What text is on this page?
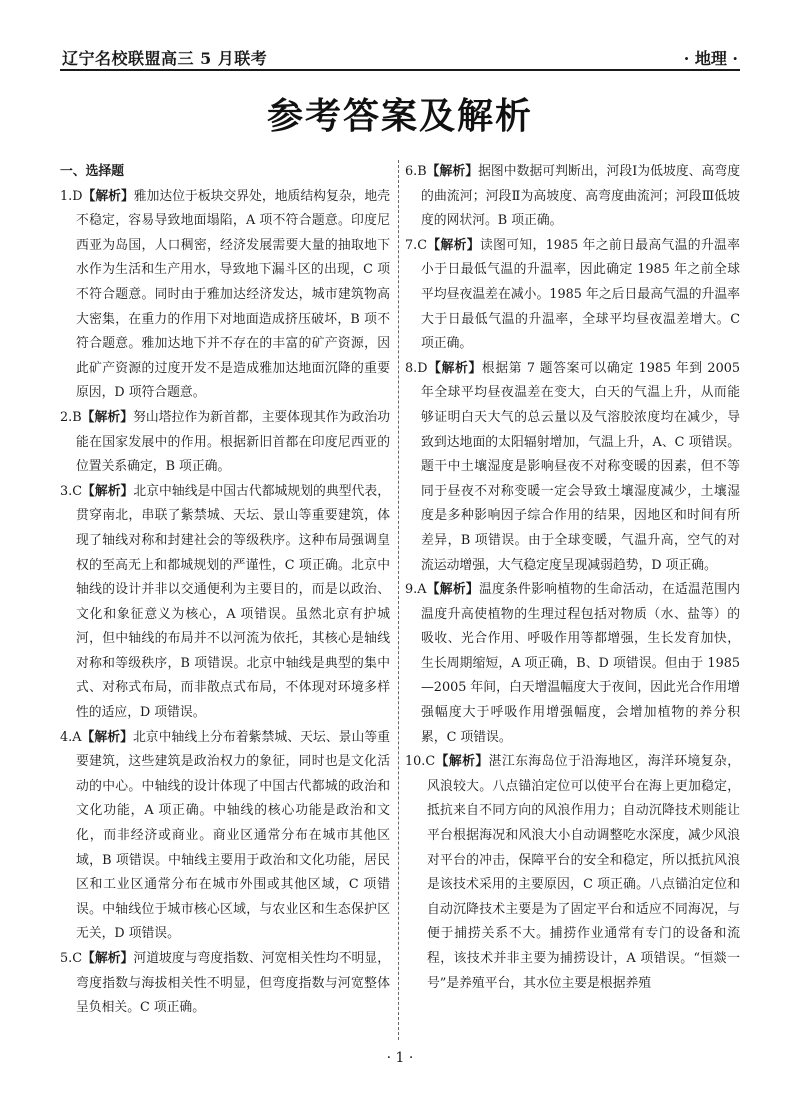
辽宁名校联盟高三 5 月联考	· 地理 ·
参考答案及解析
一、选择题
1.D【解析】雅加达位于板块交界处，地质结构复杂，地壳不稳定，容易导致地面塌陷，A 项不符合题意。印度尼西亚为岛国，人口稠密，经济发展需要大量的抽取地下水作为生活和生产用水，导致地下漏斗区的出现，C 项不符合题意。同时由于雅加达经济发达，城市建筑物高大密集，在重力的作用下对地面造成挤压破坏，B 项不符合题意。雅加达地下并不存在的丰富的矿产资源，因此矿产资源的过度开发不是造成雅加达地面沉降的重要原因，D 项符合题意。
2.B【解析】努山塔拉作为新首都，主要体现其作为政治功能在国家发展中的作用。根据新旧首都在印度尼西亚的位置关系确定，B 项正确。
3.C【解析】北京中轴线是中国古代都城规划的典型代表，贯穿南北，串联了紫禁城、天坛、景山等重要建筑，体现了轴线对称和封建社会的等级秩序。这种布局强调皇权的至高无上和都城规划的严谨性，C 项正确。北京中轴线的设计并非以交通便利为主要目的，而是以政治、文化和象征意义为核心，A 项错误。虽然北京有护城河，但中轴线的布局并不以河流为依托，其核心是轴线对称和等级秩序，B 项错误。北京中轴线是典型的集中式、对称式布局，而非散点式布局，不体现对环境多样性的适应，D 项错误。
4.A【解析】北京中轴线上分布着紫禁城、天坛、景山等重要建筑，这些建筑是政治权力的象征，同时也是文化活动的中心。中轴线的设计体现了中国古代都城的政治和文化功能，A 项正确。中轴线的核心功能是政治和文化，而非经济或商业。商业区通常分布在城市其他区域，B 项错误。中轴线主要用于政治和文化功能，居民区和工业区通常分布在城市外围或其他区域，C 项错误。中轴线位于城市核心区域，与农业区和生态保护区无关，D 项错误。
5.C【解析】河道坡度与弯度指数、河宽相关性均不明显，弯度指数与海拔相关性不明显，但弯度指数与河宽整体呈负相关。C 项正确。
6.B【解析】据图中数据可判断出，河段Ⅰ为低坡度、高弯度的曲流河；河段Ⅱ为高坡度、高弯度曲流河；河段Ⅲ低坡度的网状河。B 项正确。
7.C【解析】读图可知，1985 年之前日最高气温的升温率小于日最低气温的升温率，因此确定 1985 年之前全球平均昼夜温差在减小。1985 年之后日最高气温的升温率大于日最低气温的升温率，全球平均昼夜温差增大。C 项正确。
8.D【解析】根据第 7 题答案可以确定 1985 年到 2005 年全球平均昼夜温差在变大，白天的气温上升，从而能够证明白天大气的总云量以及气溶胶浓度均在减少，导致到达地面的太阳辐射增加，气温上升，A、C 项错误。题干中土壤湿度是影响昼夜不对称变暖的因素，但不等同于昼夜不对称变暖一定会导致土壤湿度减少，土壤湿度是多种影响因子综合作用的结果，因地区和时间有所差异，B 项错误。由于全球变暖，气温升高，空气的对流运动增强，大气稳定度呈现减弱趋势，D 项正确。
9.A【解析】温度条件影响植物的生命活动，在适温范围内温度升高使植物的生理过程包括对物质（水、盐等）的吸收、光合作用、呼吸作用等都增强，生长发育加快，生长周期缩短，A 项正确，B、D 项错误。但由于 1985—2005 年间，白天增温幅度大于夜间，因此光合作用增强幅度大于呼吸作用增强幅度，会增加植物的养分积累，C 项错误。
10.C【解析】湛江东海岛位于沿海地区，海洋环境复杂，风浪较大。八点锚泊定位可以使平台在海上更加稳定，抵抗来自不同方向的风浪作用力；自动沉降技术则能让平台根据海况和风浪大小自动调整吃水深度，减少风浪对平台的冲击，保障平台的安全和稳定，所以抵抗风浪是该技术采用的主要原因，C 项正确。八点锚泊定位和自动沉降技术主要是为了固定平台和适应不同海况，与便于捕捞关系不大。捕捞作业通常有专门的设备和流程，该技术并非主要为捕捞设计，A 项错误。“恒燚一号”是养殖平台，其水位主要是根据养殖
· 1 ·
